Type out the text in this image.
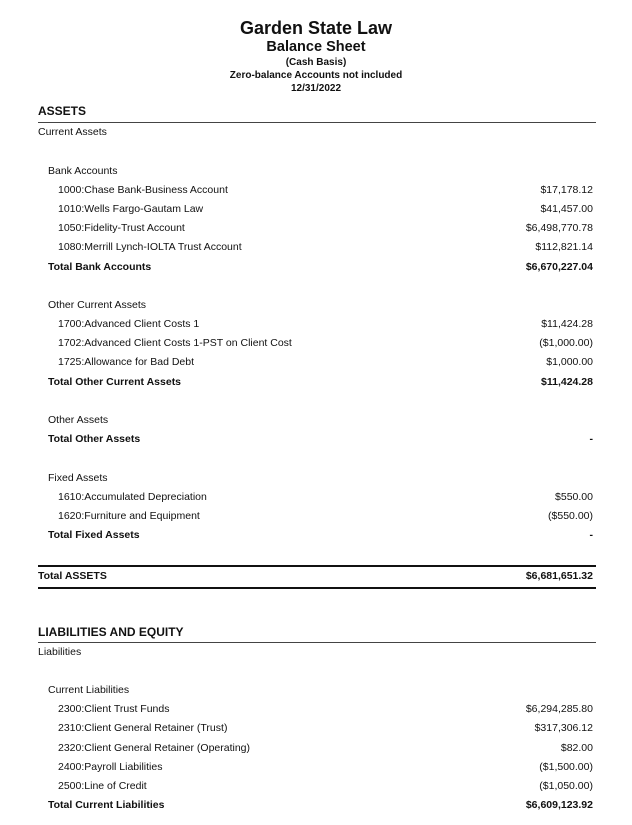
Garden State Law
Balance Sheet
(Cash Basis)
Zero-balance Accounts not included
12/31/2022
ASSETS
Current Assets
Bank Accounts
1000:Chase Bank-Business Account	$17,178.12
1010:Wells Fargo-Gautam Law	$41,457.00
1050:Fidelity-Trust Account	$6,498,770.78
1080:Merrill Lynch-IOLTA Trust Account	$112,821.14
Total Bank Accounts	$6,670,227.04
Other Current Assets
1700:Advanced Client Costs 1	$11,424.28
1702:Advanced Client Costs 1-PST on Client Cost	($1,000.00)
1725:Allowance for Bad Debt	$1,000.00
Total Other Current Assets	$11,424.28
Other Assets
Total Other Assets	-
Fixed Assets
1610:Accumulated Depreciation	$550.00
1620:Furniture and Equipment	($550.00)
Total Fixed Assets	-
Total ASSETS	$6,681,651.32
LIABILITIES AND EQUITY
Liabilities
Current Liabilities
2300:Client Trust Funds	$6,294,285.80
2310:Client General Retainer (Trust)	$317,306.12
2320:Client General Retainer (Operating)	$82.00
2400:Payroll Liabilities	($1,500.00)
2500:Line of Credit	($1,050.00)
Total Current Liabilities	$6,609,123.92
